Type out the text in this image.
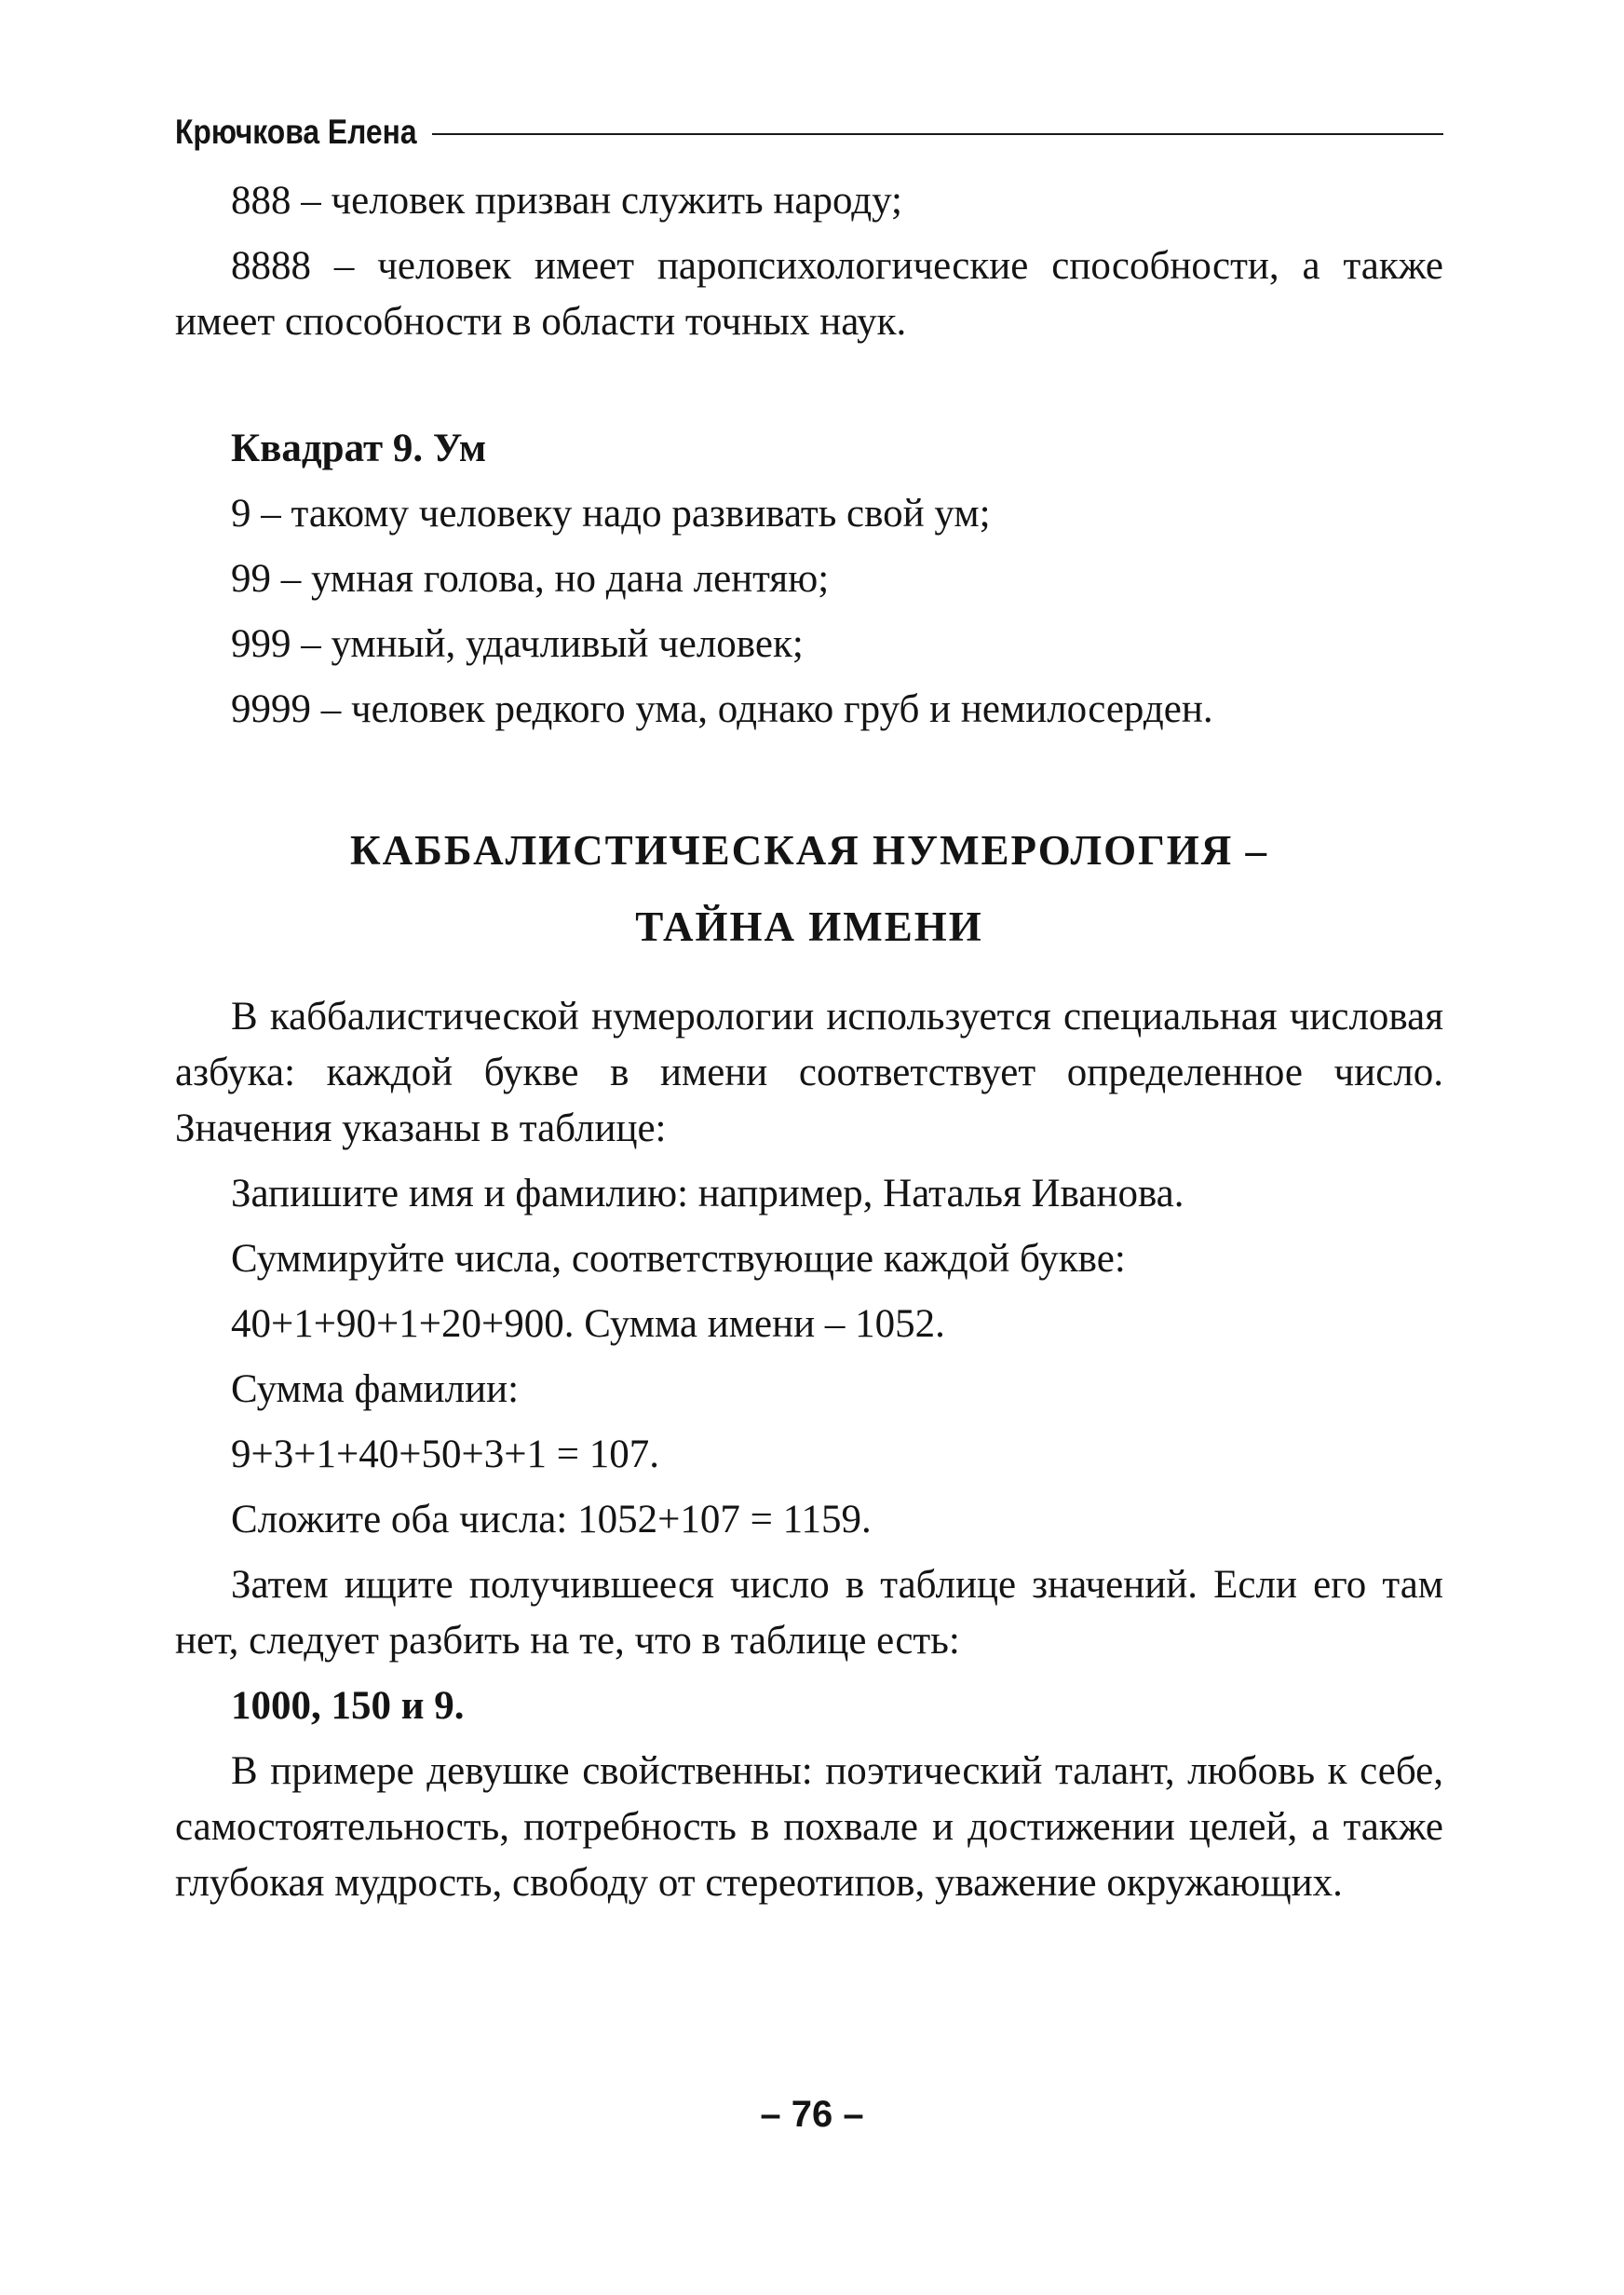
Крючкова Елена

888 – человек призван служить народу;

8888 – человек имеет паропсихологические способности, а также имеет способности в области точных наук.

Квадрат 9. Ум

9 – такому человеку надо развивать свой ум;

99 – умная голова, но дана лентяю;

999 – умный, удачливый человек;

9999 – человек редкого ума, однако груб и немилосерден.

КАББАЛИСТИЧЕСКАЯ НУМЕРОЛОГИЯ –
ТАЙНА ИМЕНИ

В каббалистической нумерологии используется специальная числовая азбука: каждой букве в имени соответствует определенное число. Значения указаны в таблице:

Запишите имя и фамилию: например, Наталья Иванова.

Суммируйте числа, соответствующие каждой букве:

40+1+90+1+20+900. Сумма имени – 1052.

Сумма фамилии:

9+3+1+40+50+3+1 = 107.

Сложите оба числа: 1052+107 = 1159.

Затем ищите получившееся число в таблице значений. Если его там нет, следует разбить на те, что в таблице есть:

1000, 150 и 9.

В примере девушке свойственны: поэтический талант, любовь к себе, самостоятельность, потребность в похвале и достижении целей, а также глубокая мудрость, свободу от стереотипов, уважение окружающих.

– 76 –
